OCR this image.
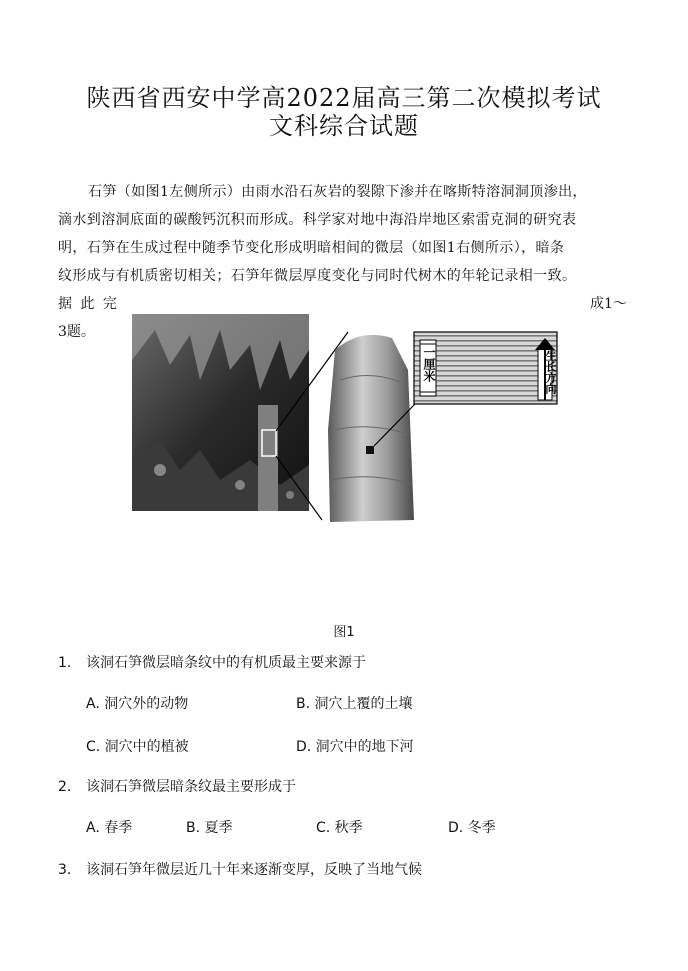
陕西省西安中学高2022届高三第二次模拟考试
文科综合试题
石笋（如图1左侧所示）由雨水沿石灰岩的裂隙下渗并在喀斯特溶洞洞顶渗出，
滴水到溶洞底面的碳酸钙沉积而形成。科学家对地中海沿岸地区索雷克洞的研究表
明，石笋在生成过程中随季节变化形成明暗相间的微层（如图1右侧所示），暗条
纹形成与有机质密切相关；石笋年微层厚度变化与同时代树木的年轮记录相一致。
据 此 完	成1～
3题。
一厘米	生长方向
图1
1. 该洞石笋微层暗条纹中的有机质最主要来源于
A. 洞穴外的动物	B. 洞穴上覆的土壤
C. 洞穴中的植被	D. 洞穴中的地下河
2. 该洞石笋微层暗条纹最主要形成于
A. 春季	B. 夏季	C. 秋季	D. 冬季
3. 该洞石笋年微层近几十年来逐渐变厚，反映了当地气候
